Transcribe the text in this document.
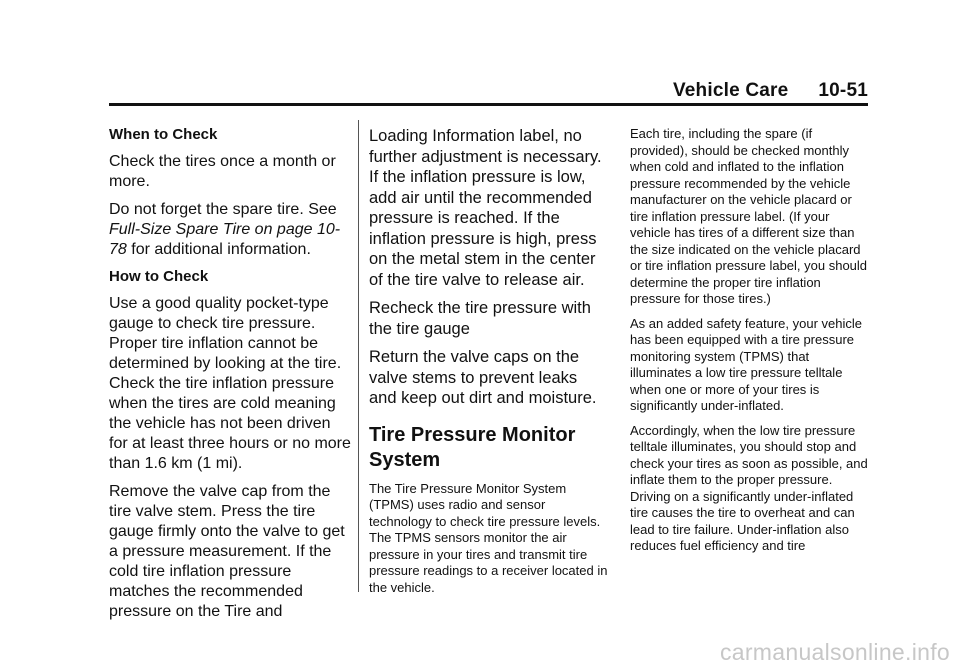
Vehicle Care 10-51
When to Check

Check the tires once a month or more.

Do not forget the spare tire. See Full-Size Spare Tire on page 10-78 for additional information.

How to Check

Use a good quality pocket-type gauge to check tire pressure. Proper tire inflation cannot be determined by looking at the tire. Check the tire inflation pressure when the tires are cold meaning the vehicle has not been driven for at least three hours or no more than 1.6 km (1 mi).

Remove the valve cap from the tire valve stem. Press the tire gauge firmly onto the valve to get a pressure measurement. If the cold tire inflation pressure matches the recommended pressure on the Tire and

Loading Information label, no further adjustment is necessary. If the inflation pressure is low, add air until the recommended pressure is reached. If the inflation pressure is high, press on the metal stem in the center of the tire valve to release air.

Recheck the tire pressure with the tire gauge

Return the valve caps on the valve stems to prevent leaks and keep out dirt and moisture.

Tire Pressure Monitor System

The Tire Pressure Monitor System (TPMS) uses radio and sensor technology to check tire pressure levels. The TPMS sensors monitor the air pressure in your tires and transmit tire pressure readings to a receiver located in the vehicle.

Each tire, including the spare (if provided), should be checked monthly when cold and inflated to the inflation pressure recommended by the vehicle manufacturer on the vehicle placard or tire inflation pressure label. (If your vehicle has tires of a different size than the size indicated on the vehicle placard or tire inflation pressure label, you should determine the proper tire inflation pressure for those tires.)

As an added safety feature, your vehicle has been equipped with a tire pressure monitoring system (TPMS) that illuminates a low tire pressure telltale when one or more of your tires is significantly under-inflated.

Accordingly, when the low tire pressure telltale illuminates, you should stop and check your tires as soon as possible, and inflate them to the proper pressure. Driving on a significantly under-inflated tire causes the tire to overheat and can lead to tire failure. Under-inflation also reduces fuel efficiency and tire

carmanualsonline.info
